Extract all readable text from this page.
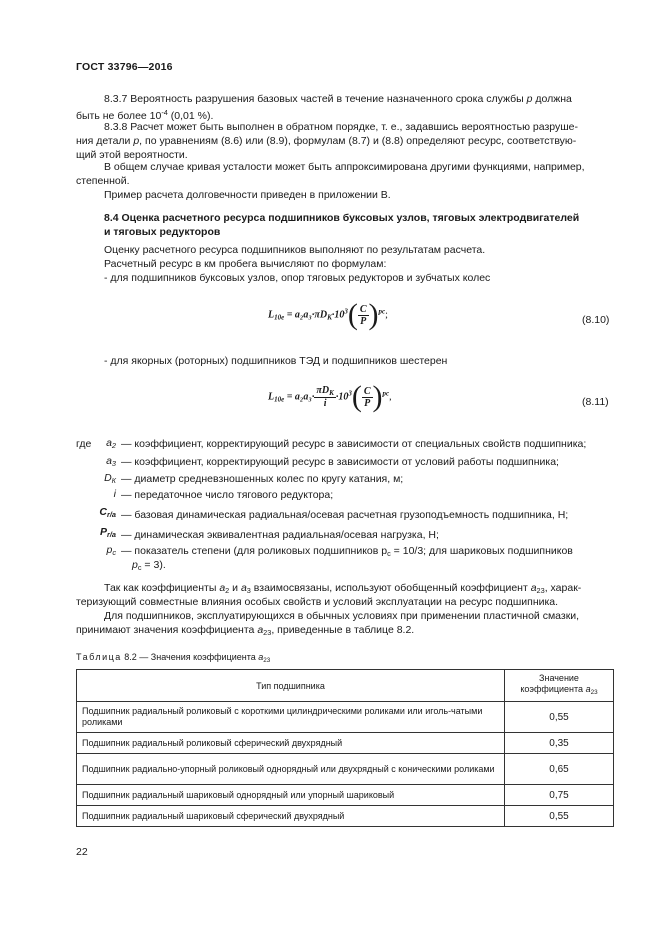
ГОСТ 33796—2016
8.3.7 Вероятность разрушения базовых частей в течение назначенного срока службы p должна
быть не более $10^{-4}$ (0,01 %).
8.3.8 Расчет может быть выполнен в обратном порядке, т. е., задавшись вероятностью разруше-
ния детали p, по уравнениям (8.6) или (8.9), формулам (8.7) и (8.8) определяют ресурс, соответствую-
щий этой вероятности.
В общем случае кривая усталости может быть аппроксимирована другими функциями, например,
степенной.
Пример расчета долговечности приведен в приложении В.
8.4 Оценка расчетного ресурса подшипников буксовых узлов, тяговых электродвигателей
и тяговых редукторов
Оценку расчетного ресурса подшипников выполняют по результатам расчета.
Расчетный ресурс в км пробега вычисляют по формулам:
- для подшипников буксовых узлов, опор тяговых редукторов и зубчатых колес
$L_{10e} = a_2a_3\cdot\pi D_К\cdot 10^3( \frac{C}{P} )^{pc}$;	(8.10)
- для якорных (роторных) подшипников ТЭД и подшипников шестерен
$L_{10e} = a_2a_3\cdot \frac{\pi D_К}{i} \cdot 10^3( \frac{C}{P} )^{pc}$,	(8.11)
где	$a_2$ — коэффициент, корректирующий ресурс в зависимости от специальных свойств подшипника;
$a_3$ — коэффициент, корректирующий ресурс в зависимости от условий работы подшипника;
$D_К$ — диаметр средневзношенных колес по кругу катания, м;
i — передаточное число тягового редуктора;
$C_{r/a}$ — базовая динамическая радиальная/осевая расчетная грузоподъемность подшипника, Н;
$P_{r/a}$ — динамическая эквивалентная радиальная/осевая нагрузка, Н;
$p_с$ — показатель степени (для роликовых подшипников $p_c = 10/3$; для шариковых подшипников
$p_c = 3$).
Так как коэффициенты $a_2$ и $a_3$ взаимосвязаны, используют обобщенный коэффициент $a_{23}$, харак-
теризующий совместные влияния особых свойств и условий эксплуатации на ресурс подшипника.
Для подшипников, эксплуатирующихся в обычных условиях при применении пластичной смазки,
принимают значения коэффициента $a_{23}$, приведенные в таблице 8.2.
Таблица 8.2 — Значения коэффициента $a_{23}$
Тип подшипника	Значение
коэффициента $a_{23}$
Подшипник радиальный роликовый с короткими цилиндрическими роликами или иголь-чатыми роликами	0,55
Подшипник радиальный роликовый сферический двухрядный	0,35
Подшипник радиально-упорный роликовый однорядный или двухрядный с коническими роликами	0,65
Подшипник радиальный шариковый однорядный или упорный шариковый	0,75
Подшипник радиальный шариковый сферический двухрядный	0,55
22
